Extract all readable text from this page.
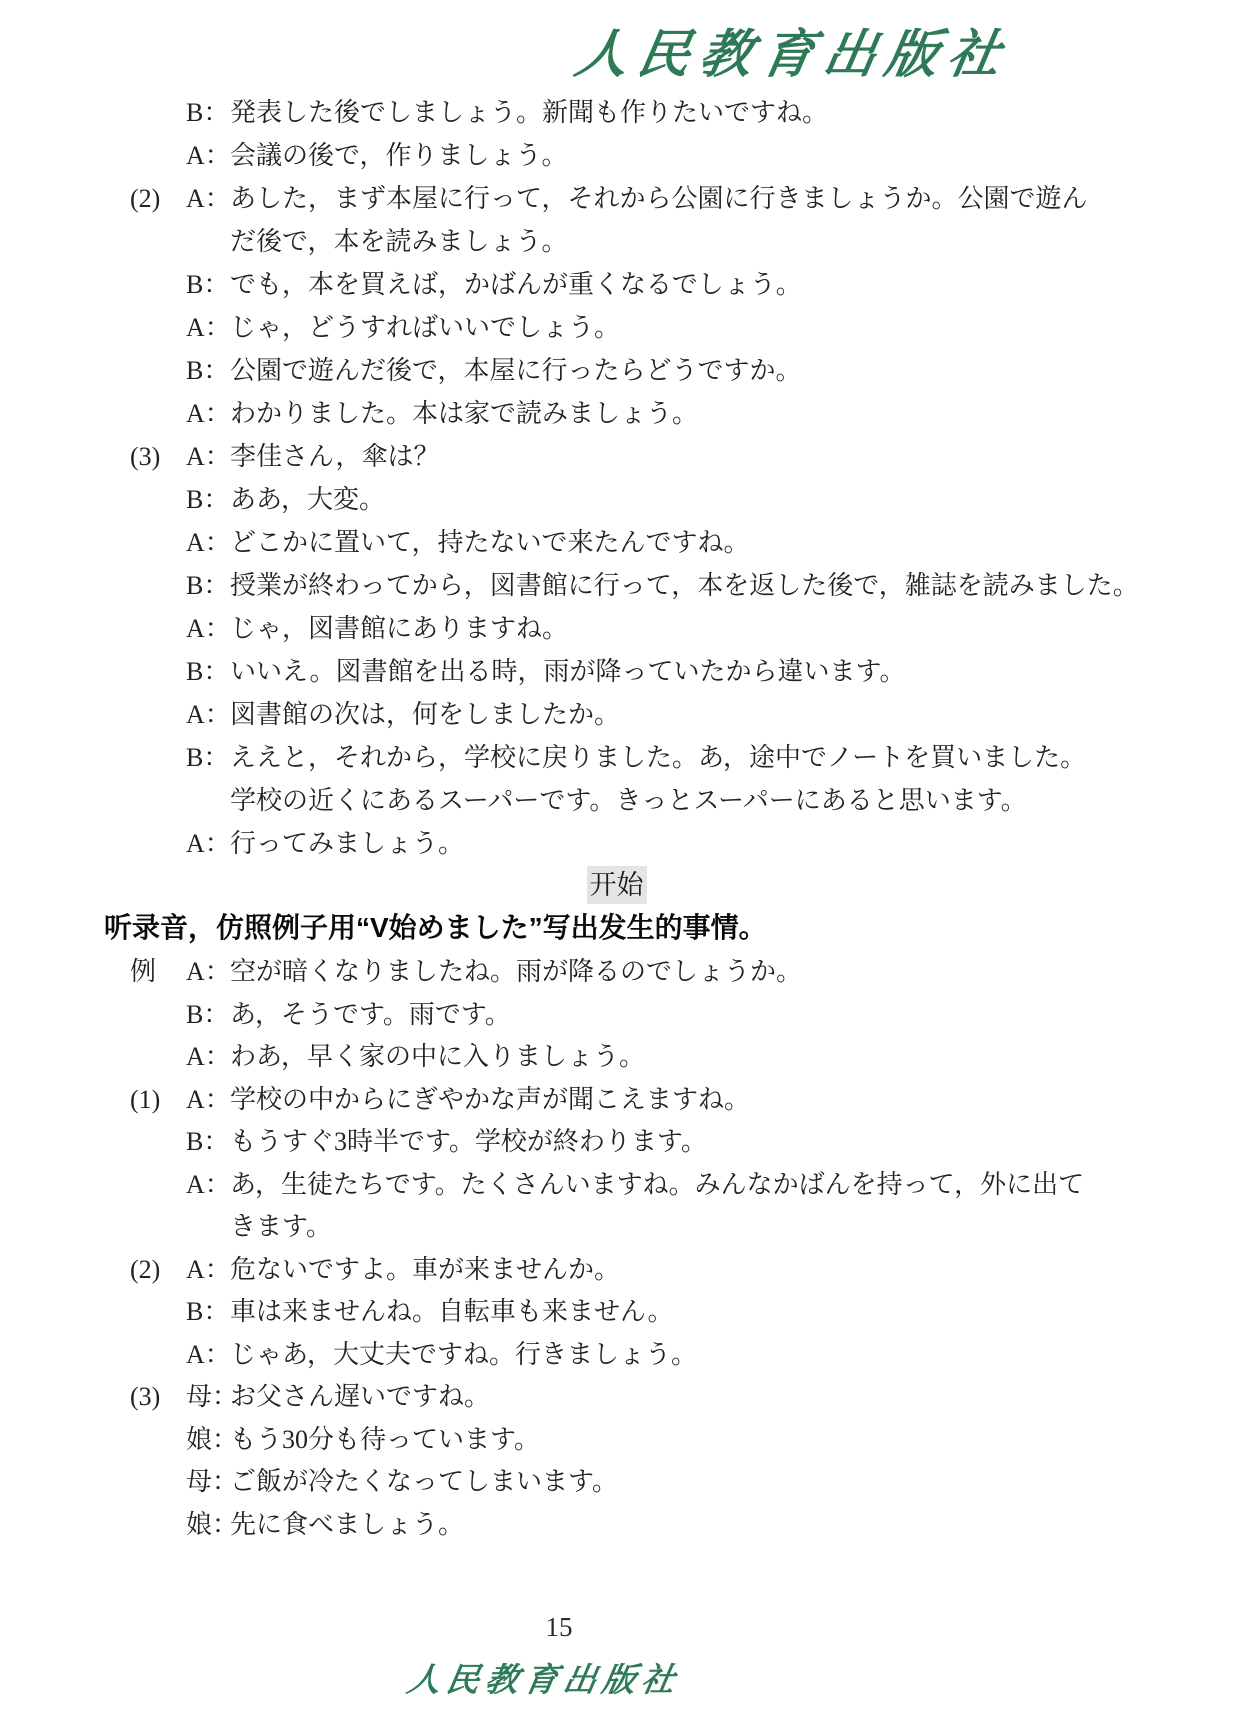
人民教育出版社
B： 発表した後でしましょう。新聞も作りたいですね。
A： 会議の後で，作りましょう。
(2) A： あした，まず本屋に行って，それから公園に行きましょうか。公園で遊ん
だ後で，本を読みましょう。
B： でも，本を買えば，かばんが重くなるでしょう。
A： じゃ，どうすればいいでしょう。
B： 公園で遊んだ後で，本屋に行ったらどうですか。
A： わかりました。本は家で読みましょう。
(3) A： 李佳さん，傘は？
B： ああ，大変。
A： どこかに置いて，持たないで来たんですね。
B： 授業が終わってから，図書館に行って，本を返した後で，雑誌を読みました。
A： じゃ，図書館にありますね。
B： いいえ。図書館を出る時，雨が降っていたから違います。
A： 図書館の次は，何をしましたか。
B： ええと，それから，学校に戻りました。あ，途中でノートを買いました。
学校の近くにあるスーパーです。きっとスーパーにあると思います。
A： 行ってみましょう。
开始
听录音，仿照例子用“V始めました”写出发生的事情。
例	A： 空が暗くなりましたね。雨が降るのでしょうか。
B： あ，そうです。雨です。
A： わあ，早く家の中に入りましょう。
(1) A： 学校の中からにぎやかな声が聞こえますね。
B： もうすぐ3時半です。学校が終わります。
A： あ，生徒たちです。たくさんいますね。みんなかばんを持って，外に出て
きます。
(2) A： 危ないですよ。車が来ませんか。
B： 車は来ませんね。自転車も来ません。
A： じゃあ，大丈夫ですね。行きましょう。
(3) 母：
お父さん遅いですね。
娘：
もう30分も待っています。
母：
ご飯が冷たくなってしまいます。
娘：
先に食べましょう。
15
人民教育出版社
